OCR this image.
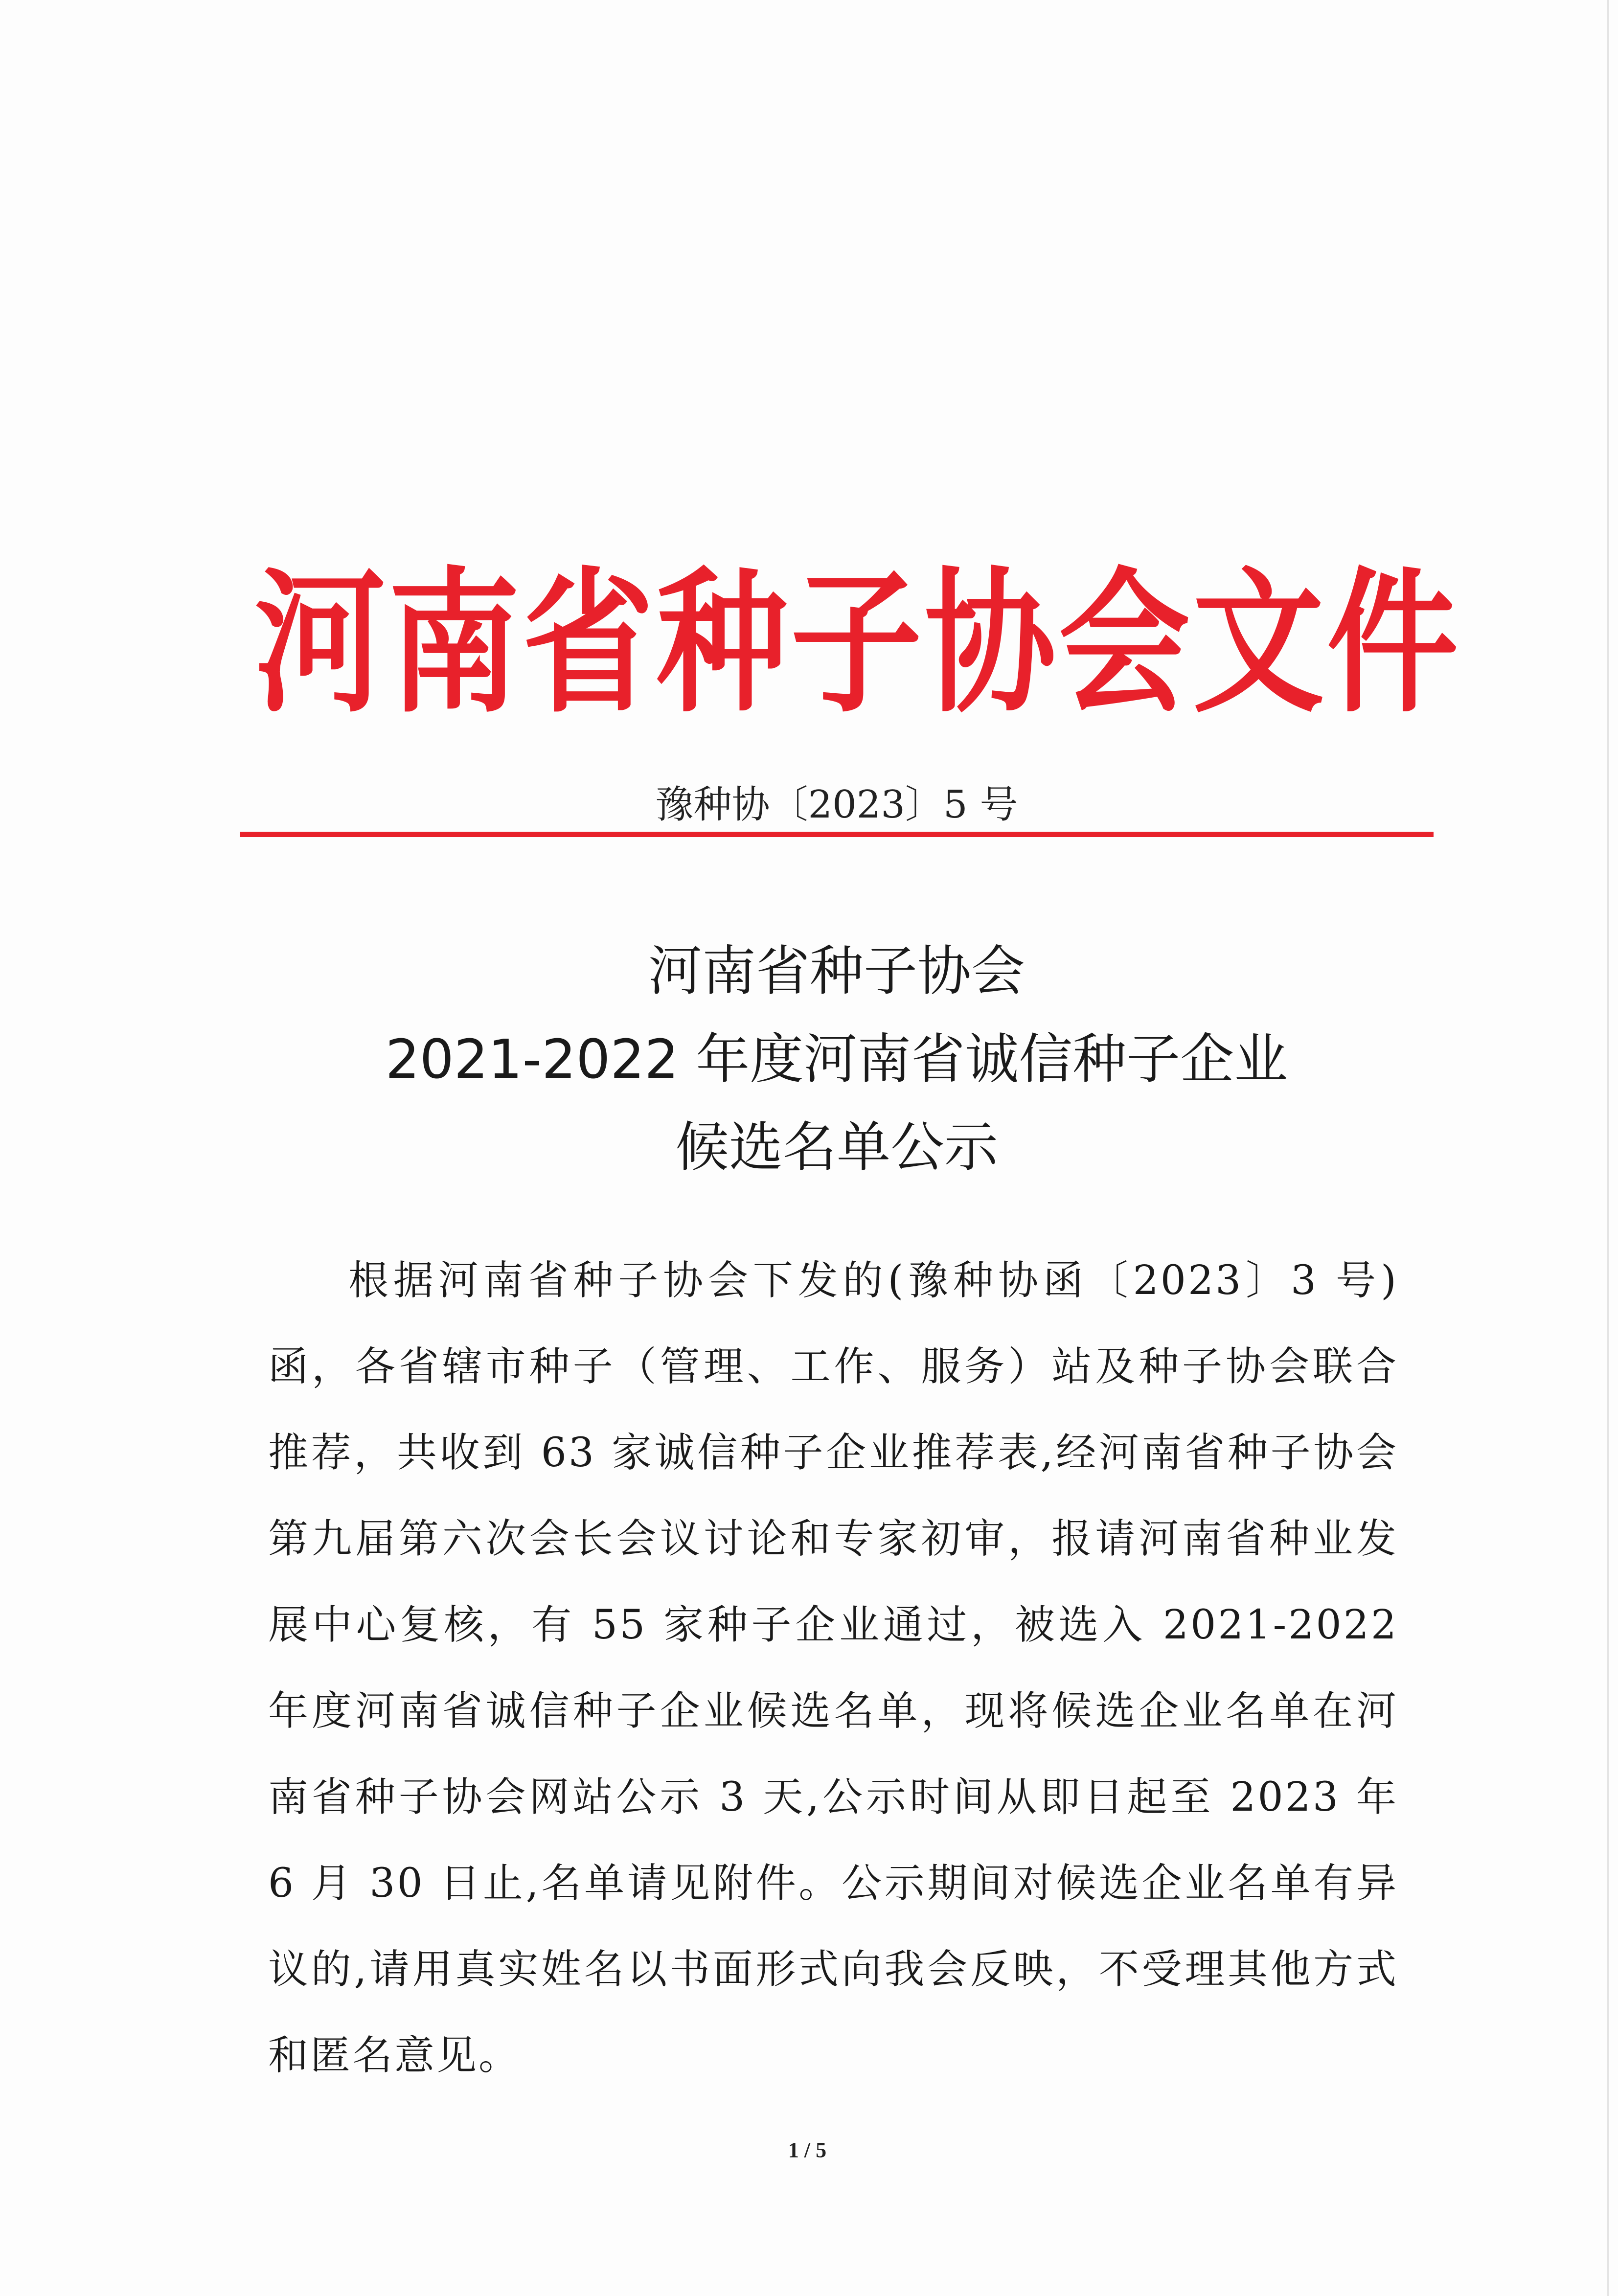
河南省种子协会文件
豫种协〔2023〕5 号
河南省种子协会
2021-2022 年度河南省诚信种子企业
候选名单公示
根据河南省种子协会下发的(豫种协函〔2023〕3 号)函，各省辖市种子（管理、工作、服务）站及种子协会联合推荐，共收到 63 家诚信种子企业推荐表,经河南省种子协会第九届第六次会长会议讨论和专家初审，报请河南省种业发展中心复核，有 55 家种子企业通过，被选入 2021-2022 年度河南省诚信种子企业候选名单，现将候选企业名单在河南省种子协会网站公示 3 天,公示时间从即日起至 2023 年 6 月 30 日止,名单请见附件。公示期间对候选企业名单有异议的,请用真实姓名以书面形式向我会反映，不受理其他方式和匿名意见。
1 / 5
